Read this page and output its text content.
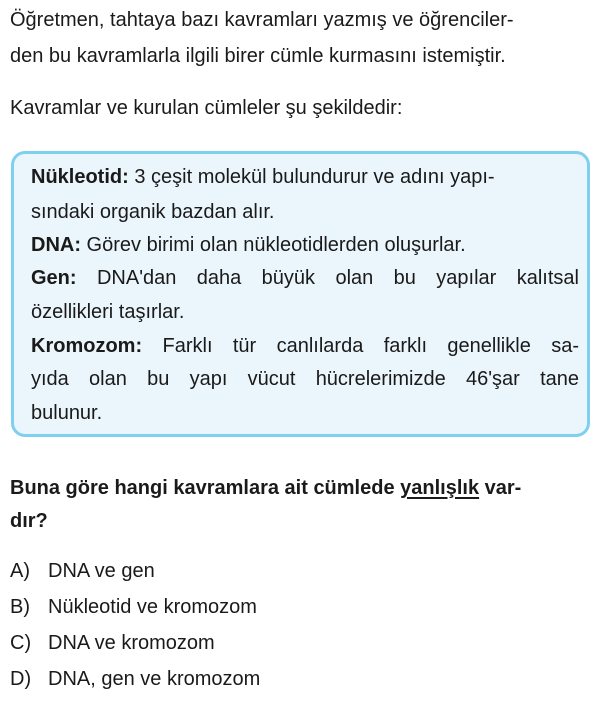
Öğretmen, tahtaya bazı kavramları yazmış ve öğrenciler-
den bu kavramlarla ilgili birer cümle kurmasını istemiştir.
Kavramlar ve kurulan cümleler şu şekildedir:
Nükleotid: 3 çeşit molekül bulundurur ve adını yapı-
sındaki organik bazdan alır.
DNA: Görev birimi olan nükleotidlerden oluşurlar.
Gen: DNA'dan daha büyük olan bu yapılar kalıtsal
özellikleri taşırlar.
Kromozom: Farklı tür canlılarda farklı genellikle sa-
yıda olan bu yapı vücut hücrelerimizde 46'şar tane
bulunur.
Buna göre hangi kavramlara ait cümlede yanlışlık var-
dır?
A) DNA ve gen
B) Nükleotid ve kromozom
C) DNA ve kromozom
D) DNA, gen ve kromozom
